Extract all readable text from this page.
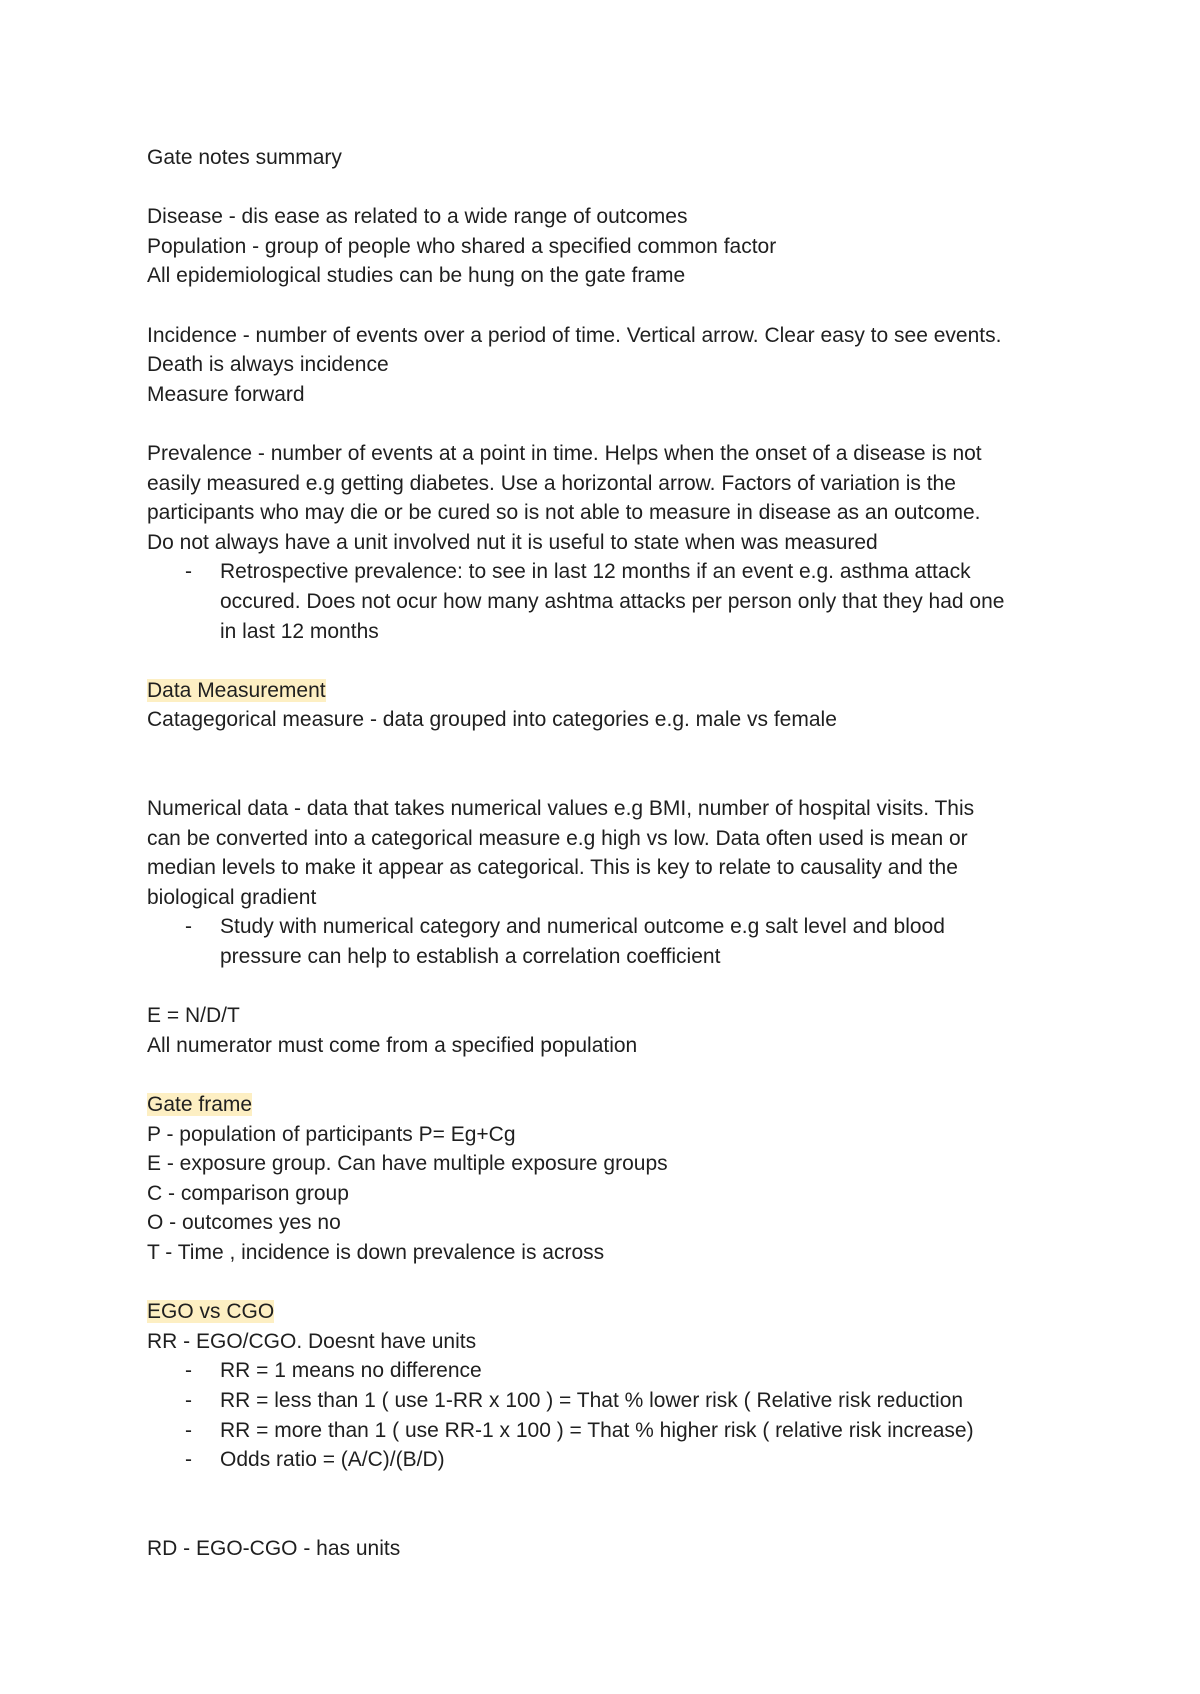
Gate notes summary

Disease - dis ease as related to a wide range of outcomes

Population - group of people who shared a specified common factor

All epidemiological studies can be hung on the gate frame

Incidence - number of events over a period of time. Vertical arrow. Clear easy to see events.

Death is always incidence

Measure forward

Prevalence - number of events at a point in time. Helps when the onset of a disease is not

easily measured e.g getting diabetes. Use a horizontal arrow. Factors of variation is the

participants who may die or be cured so is not able to measure in disease as an outcome.

Do not always have a unit involved nut it is useful to state when was measured

- Retrospective prevalence: to see in last 12 months if an event e.g. asthma attack

occured. Does not ocur how many ashtma attacks per person only that they had one

in last 12 months

Data Measurement

Catagegorical measure - data grouped into categories e.g. male vs female

Numerical data - data that takes numerical values e.g BMI, number of hospital visits. This

can be converted into a categorical measure e.g high vs low. Data often used is mean or

median levels to make it appear as categorical. This is key to relate to causality and the

biological gradient

- Study with numerical category and numerical outcome e.g salt level and blood

pressure can help to establish a correlation coefficient

E = N/D/T

All numerator must come from a specified population

Gate frame

P - population of participants P= Eg+Cg

E - exposure group. Can have multiple exposure groups

C - comparison group

O - outcomes yes no

T - Time , incidence is down prevalence is across

EGO vs CGO

RR - EGO/CGO. Doesnt have units

- RR = 1 means no difference

- RR = less than 1 ( use 1-RR x 100 ) = That % lower risk ( Relative risk reduction

- RR = more than 1 ( use RR-1 x 100 ) = That % higher risk ( relative risk increase)

- Odds ratio = (A/C)/(B/D)

RD - EGO-CGO - has units
